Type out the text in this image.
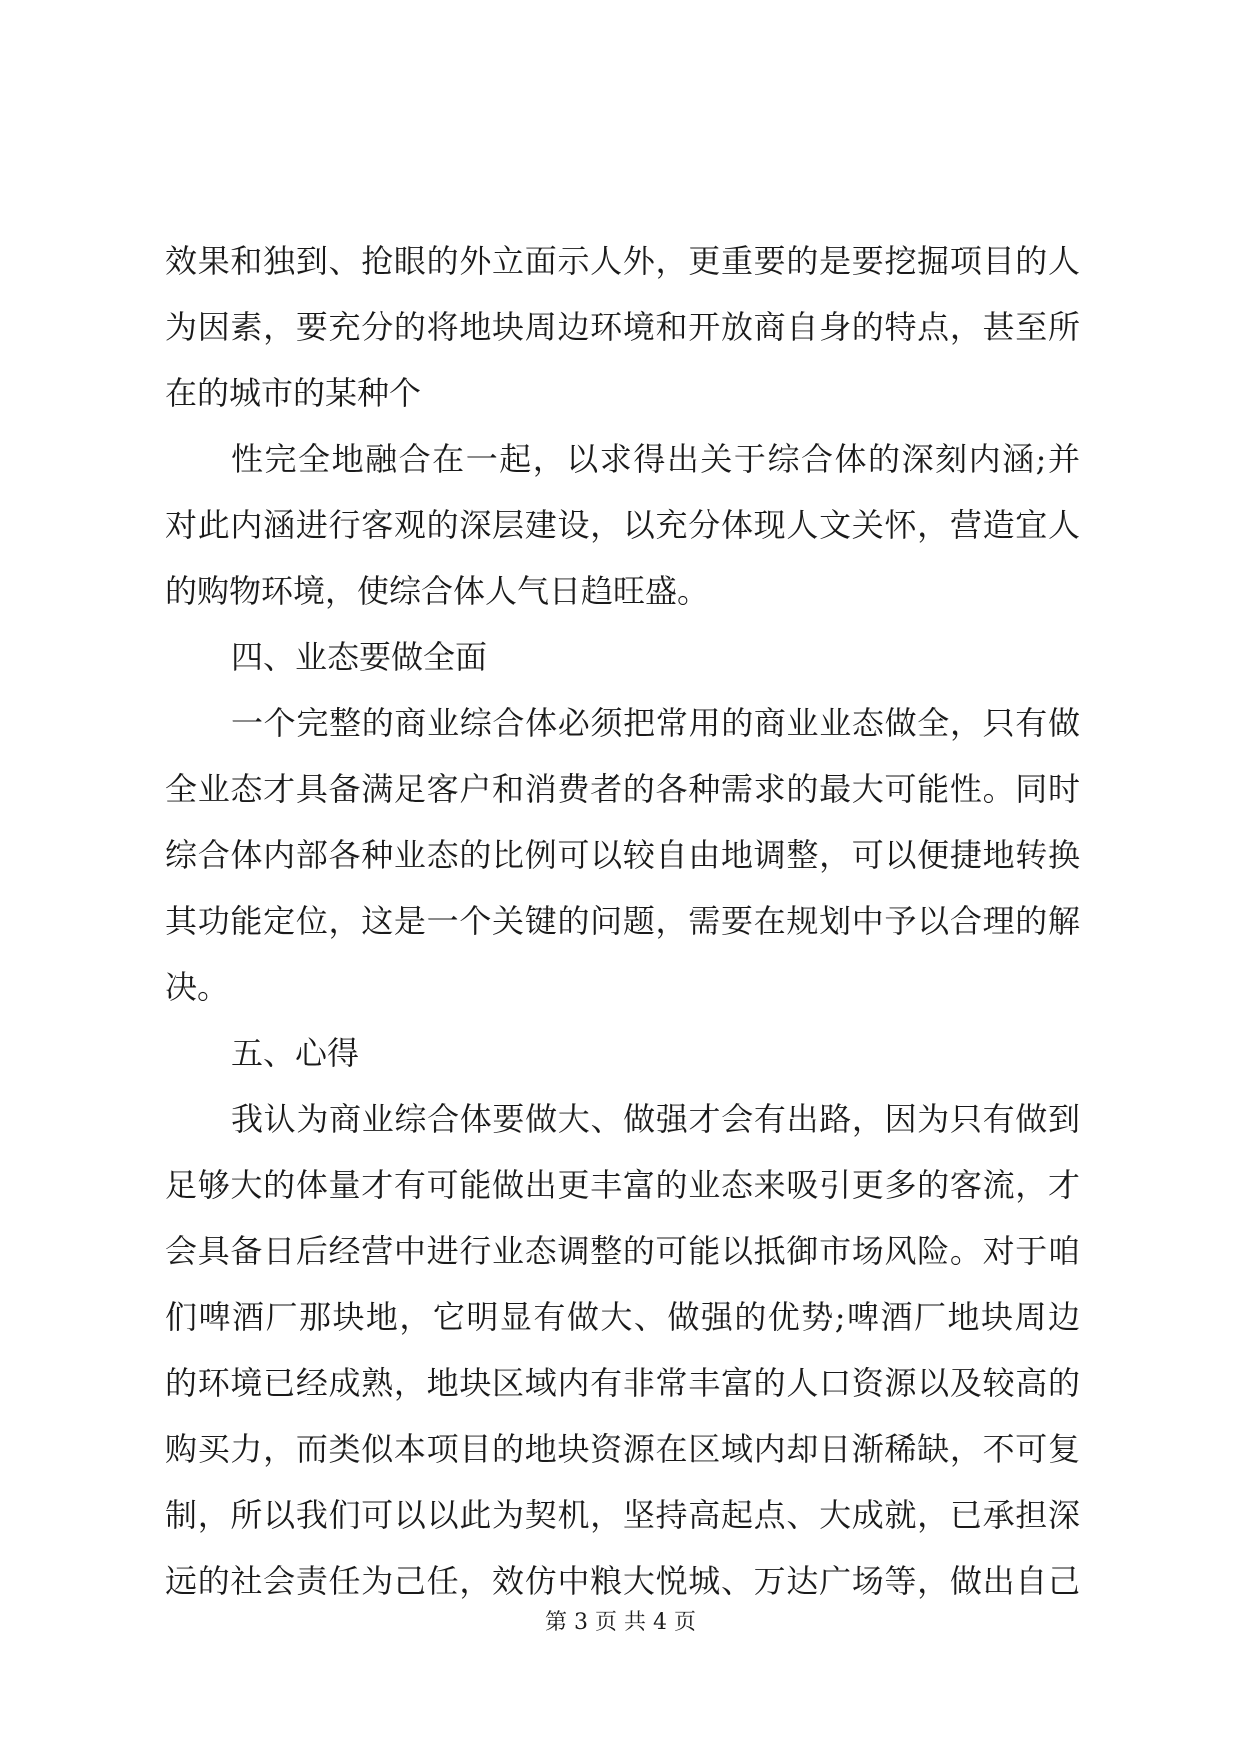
效果和独到、抢眼的外立面示人外，更重要的是要挖掘项目的人
为因素，要充分的将地块周边环境和开放商自身的特点，甚至所
在的城市的某种个
性完全地融合在一起，以求得出关于综合体的深刻内涵;并
对此内涵进行客观的深层建设，以充分体现人文关怀，营造宜人
的购物环境，使综合体人气日趋旺盛。
四、业态要做全面
一个完整的商业综合体必须把常用的商业业态做全，只有做
全业态才具备满足客户和消费者的各种需求的最大可能性。同时
综合体内部各种业态的比例可以较自由地调整，可以便捷地转换
其功能定位，这是一个关键的问题，需要在规划中予以合理的解
决。
五、心得
我认为商业综合体要做大、做强才会有出路，因为只有做到
足够大的体量才有可能做出更丰富的业态来吸引更多的客流，才
会具备日后经营中进行业态调整的可能以抵御市场风险。对于咱
们啤酒厂那块地，它明显有做大、做强的优势;啤酒厂地块周边
的环境已经成熟，地块区域内有非常丰富的人口资源以及较高的
购买力，而类似本项目的地块资源在区域内却日渐稀缺，不可复
制，所以我们可以以此为契机，坚持高起点、大成就，已承担深
远的社会责任为己任，效仿中粮大悦城、万达广场等，做出自己
第 3 页 共 4 页
